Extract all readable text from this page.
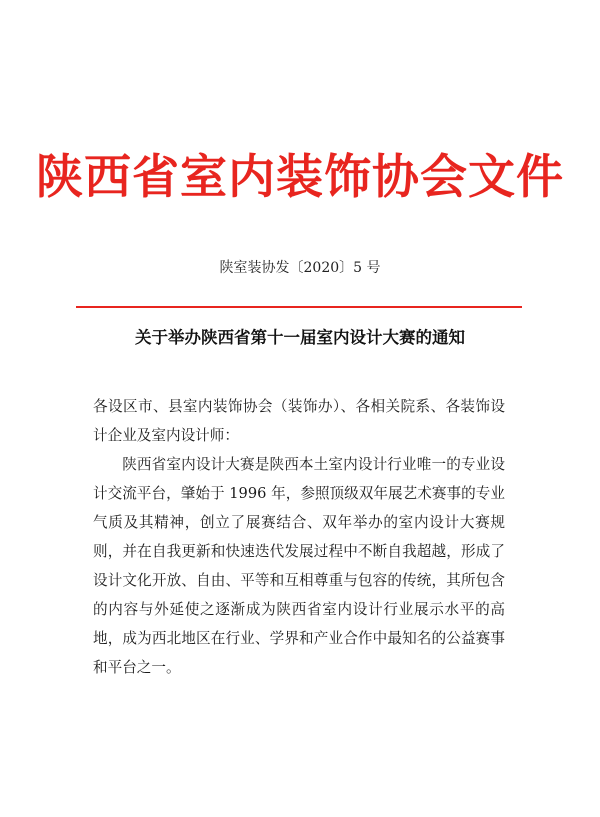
陕西省室内装饰协会文件
陕室装协发〔2020〕5 号
关于举办陕西省第十一届室内设计大赛的通知

各设区市、县室内装饰协会（装饰办）、各相关院系、各装饰设计企业及室内设计师：

陕西省室内设计大赛是陕西本土室内设计行业唯一的专业设计交流平台，肇始于 1996 年，参照顶级双年展艺术赛事的专业气质及其精神，创立了展赛结合、双年举办的室内设计大赛规则，并在自我更新和快速迭代发展过程中不断自我超越，形成了设计文化开放、自由、平等和互相尊重与包容的传统，其所包含的内容与外延使之逐渐成为陕西省室内设计行业展示水平的高地，成为西北地区在行业、学界和产业合作中最知名的公益赛事和平台之一。
